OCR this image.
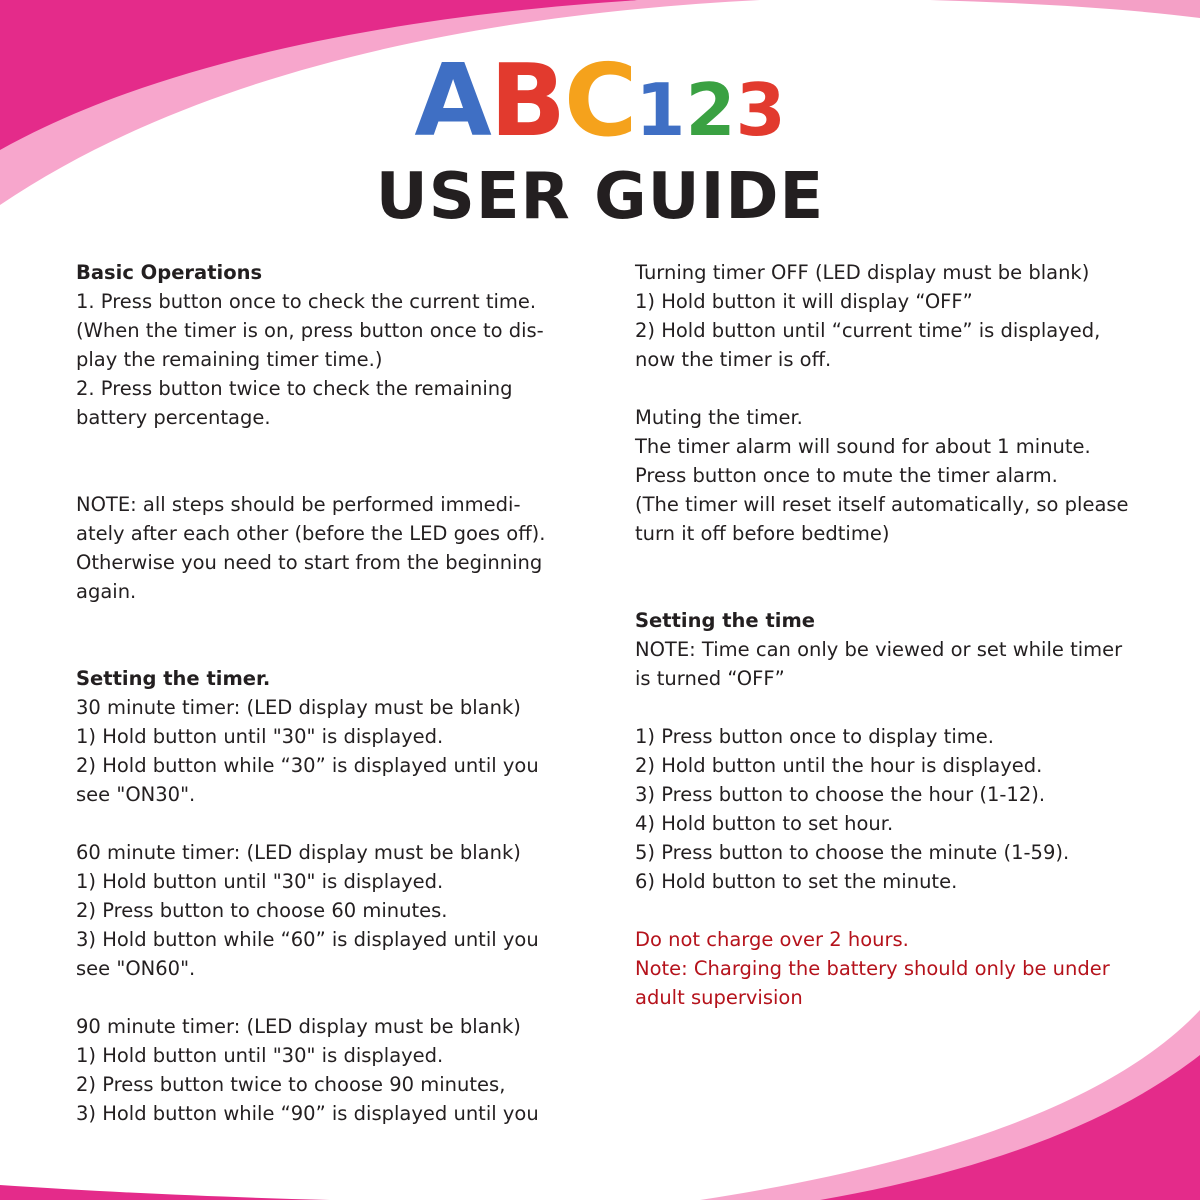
ABC123
USER GUIDE
Basic Operations

1. Press button once to check the current time.
(When the timer is on, press button once to dis-
play the remaining timer time.)
2. Press button twice to check the remaining
battery percentage.

NOTE: all steps should be performed immedi-
ately after each other (before the LED goes off).
Otherwise you need to start from the beginning
again.

Setting the timer.

30 minute timer: (LED display must be blank)
1) Hold button until "30" is displayed.
2) Hold button while “30” is displayed until you
see "ON30".

60 minute timer: (LED display must be blank)
1) Hold button until "30" is displayed.
2) Press button to choose 60 minutes.
3) Hold button while “60” is displayed until you
see "ON60".

90 minute timer: (LED display must be blank)
1) Hold button until "30" is displayed.
2) Press button twice to choose 90 minutes,
3) Hold button while “90” is displayed until you

Turning timer OFF (LED display must be blank)
1) Hold button it will display “OFF”
2) Hold button until “current time” is displayed,
now the timer is off.

Muting the timer.
The timer alarm will sound for about 1 minute.
Press button once to mute the timer alarm.
(The timer will reset itself automatically, so please
turn it off before bedtime)

Setting the time

NOTE: Time can only be viewed or set while timer
is turned “OFF”

1) Press button once to display time.
2) Hold button until the hour is displayed.
3) Press button to choose the hour (1-12).
4) Hold button to set hour.
5) Press button to choose the minute (1-59).
6) Hold button to set the minute.

Do not charge over 2 hours.
Note: Charging the battery should only be under
adult supervision
